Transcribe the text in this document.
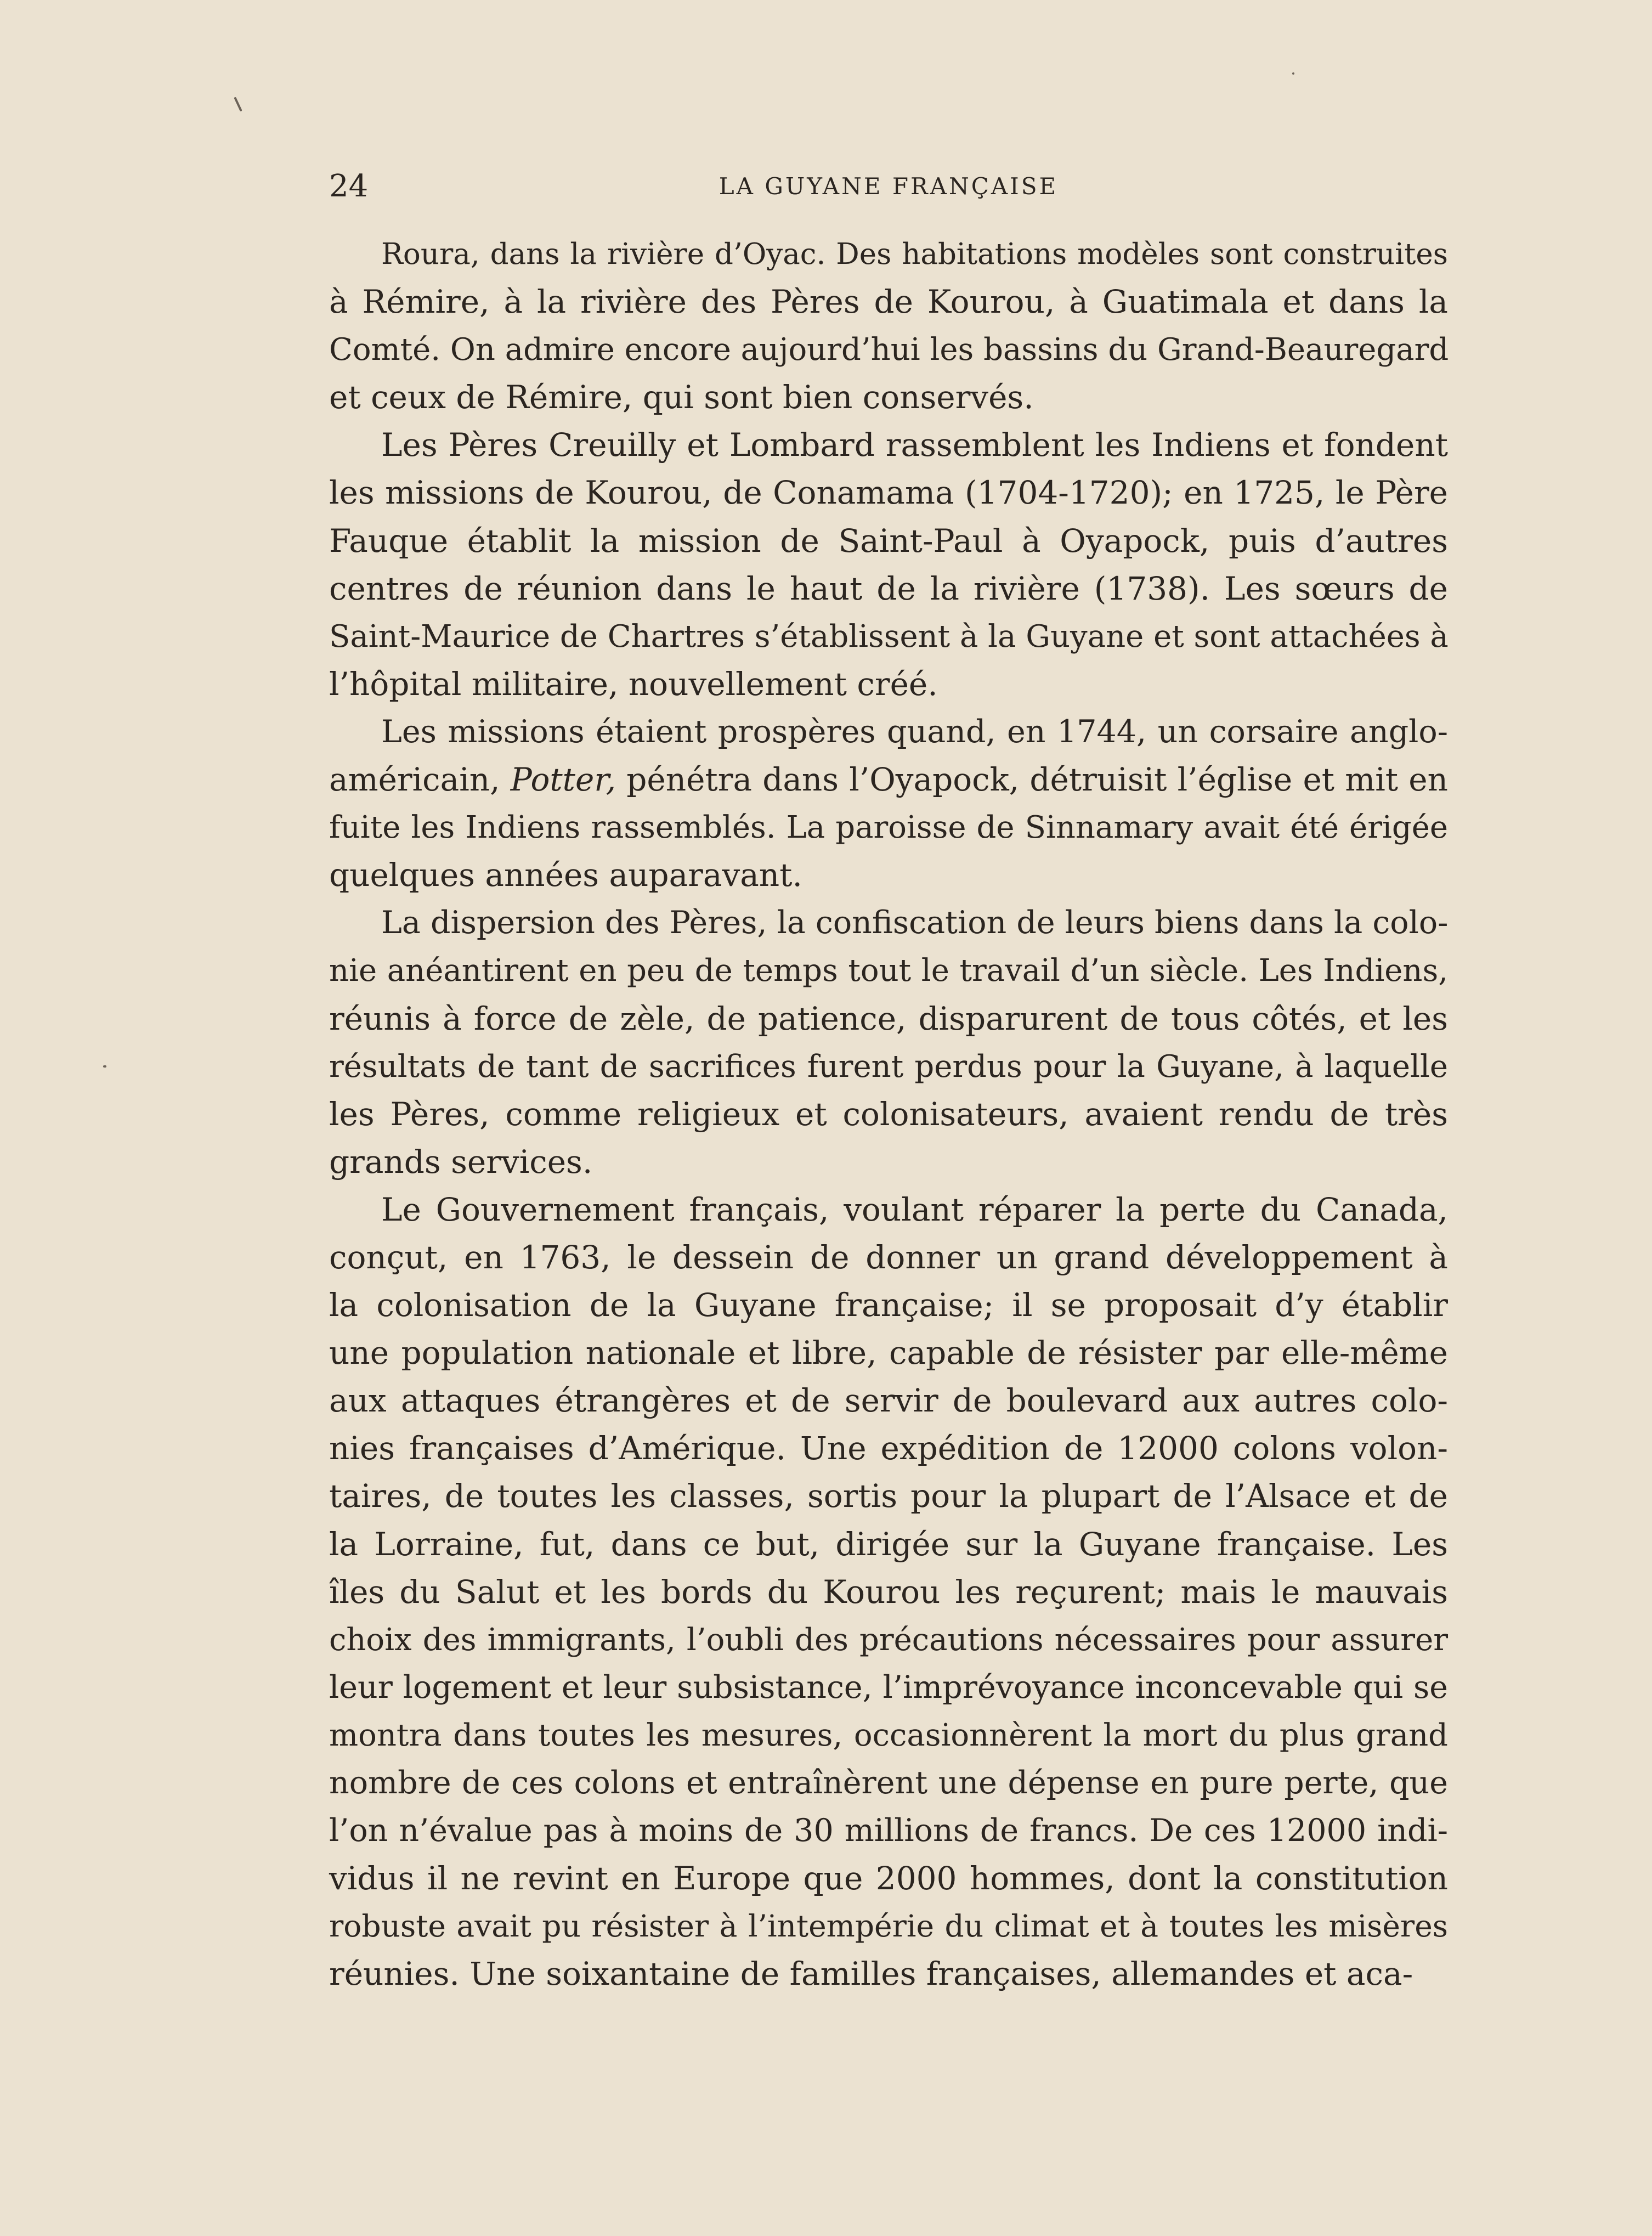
24	LA GUYANE FRANÇAISE
Roura, dans la rivière d’Oyac. Des habitations modèles sont construites
à Rémire, à la rivière des Pères de Kourou, à Guatimala et dans la
Comté. On admire encore aujourd’hui les bassins du Grand-Beauregard
et ceux de Rémire, qui sont bien conservés.
Les Pères Creuilly et Lombard rassemblent les Indiens et fondent
les missions de Kourou, de Conamama (1704-1720); en 1725, le Père
Fauque établit la mission de Saint-Paul à Oyapock, puis d’autres
centres de réunion dans le haut de la rivière (1738). Les sœurs de
Saint-Maurice de Chartres s’établissent à la Guyane et sont attachées à
l’hôpital militaire, nouvellement créé.
Les missions étaient prospères quand, en 1744, un corsaire anglo-
américain, Potter, pénétra dans l’Oyapock, détruisit l’église et mit en
fuite les Indiens rassemblés. La paroisse de Sinnamary avait été érigée
quelques années auparavant.
La dispersion des Pères, la confiscation de leurs biens dans la colo-
nie anéantirent en peu de temps tout le travail d’un siècle. Les Indiens,
réunis à force de zèle, de patience, disparurent de tous côtés, et les
résultats de tant de sacrifices furent perdus pour la Guyane, à laquelle
les Pères, comme religieux et colonisateurs, avaient rendu de très
grands services.
Le Gouvernement français, voulant réparer la perte du Canada,
conçut, en 1763, le dessein de donner un grand développement à
la colonisation de la Guyane française; il se proposait d’y établir
une population nationale et libre, capable de résister par elle-même
aux attaques étrangères et de servir de boulevard aux autres colo-
nies françaises d’Amérique. Une expédition de 12000 colons volon-
taires, de toutes les classes, sortis pour la plupart de l’Alsace et de
la Lorraine, fut, dans ce but, dirigée sur la Guyane française. Les
îles du Salut et les bords du Kourou les reçurent; mais le mauvais
choix des immigrants, l’oubli des précautions nécessaires pour assurer
leur logement et leur subsistance, l’imprévoyance inconcevable qui se
montra dans toutes les mesures, occasionnèrent la mort du plus grand
nombre de ces colons et entraînèrent une dépense en pure perte, que
l’on n’évalue pas à moins de 30 millions de francs. De ces 12000 indi-
vidus il ne revint en Europe que 2000 hommes, dont la constitution
robuste avait pu résister à l’intempérie du climat et à toutes les misères
réunies. Une soixantaine de familles françaises, allemandes et aca-
